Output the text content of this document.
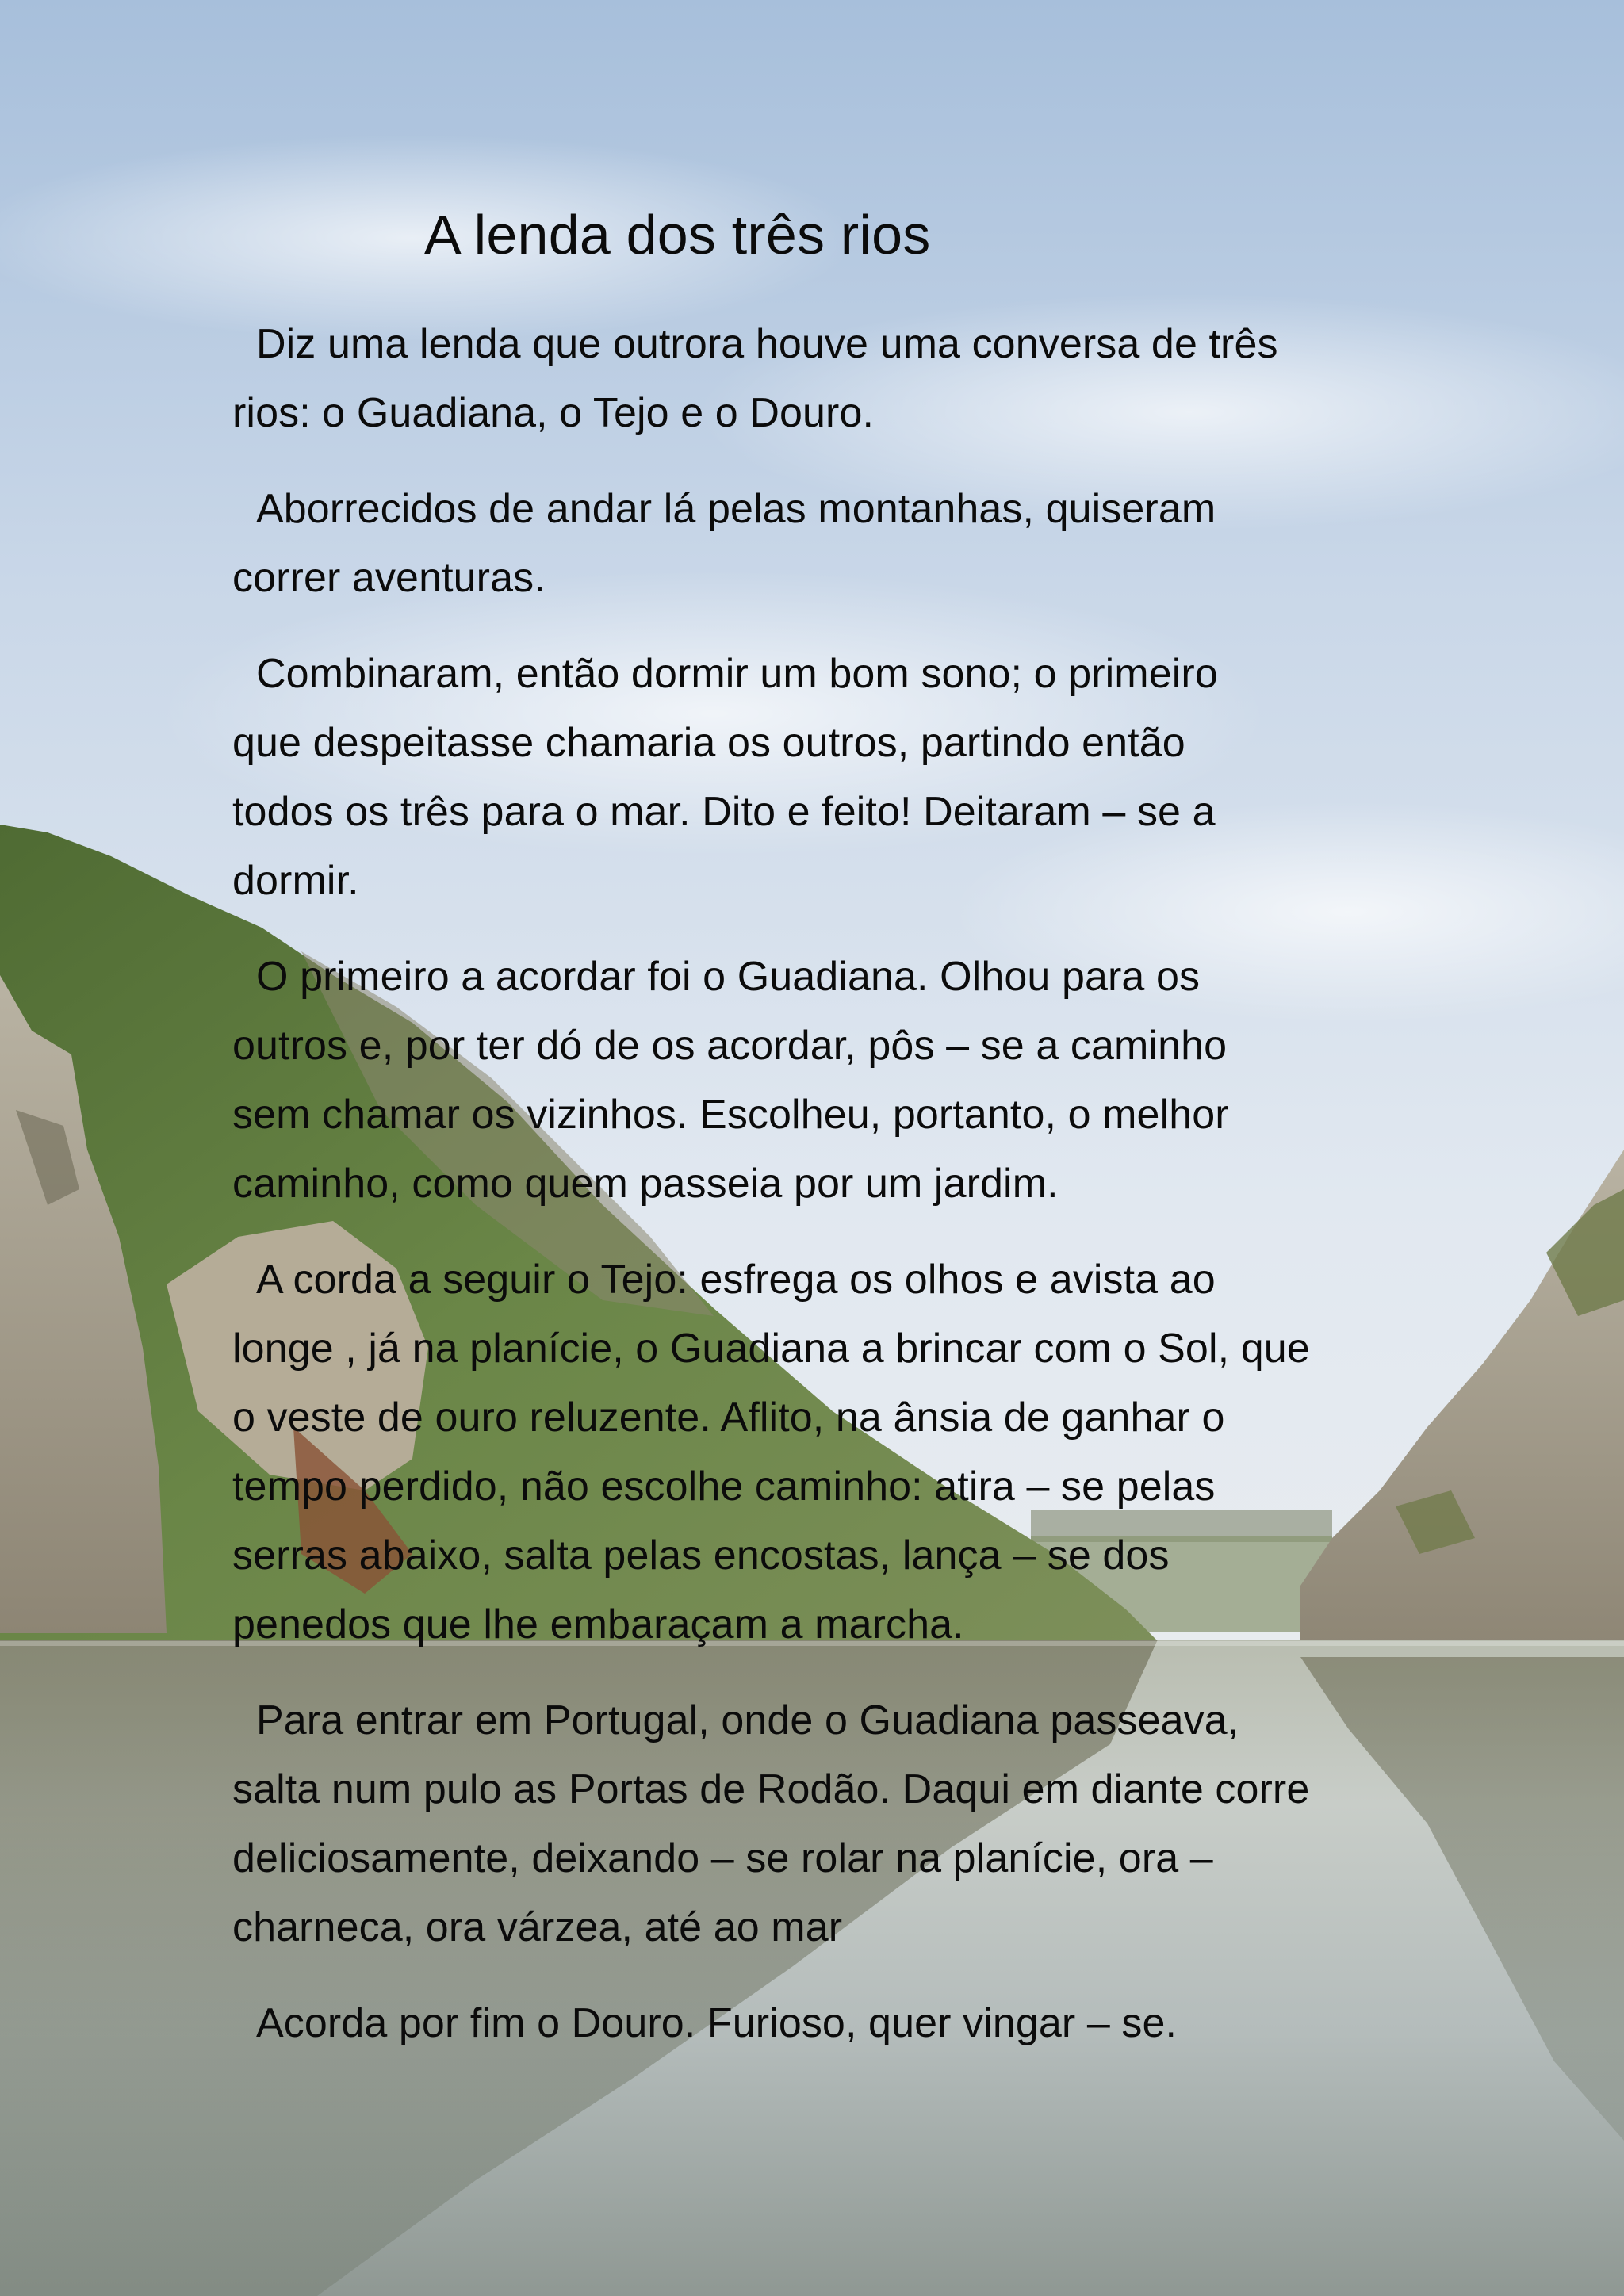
A lenda dos três rios

Diz uma lenda que outrora houve uma conversa de três
rios: o Guadiana, o Tejo e o Douro.

Aborrecidos de andar lá pelas montanhas, quiseram
correr aventuras.

Combinaram, então dormir um bom sono; o primeiro
que despeitasse chamaria os outros, partindo então
todos os três para o mar. Dito e feito! Deitaram – se a
dormir.

O primeiro a acordar foi o Guadiana. Olhou para os
outros e, por ter dó de os acordar, pôs – se a caminho
sem chamar os vizinhos. Escolheu, portanto, o melhor
caminho, como quem passeia por um jardim.

A corda a seguir o Tejo: esfrega os olhos e avista ao
longe , já na planície, o Guadiana a brincar com o Sol, que
o veste de ouro reluzente. Aflito, na ânsia de ganhar o
tempo perdido, não escolhe caminho: atira – se pelas
serras abaixo, salta pelas encostas, lança – se dos
penedos que lhe embaraçam a marcha.

Para entrar em Portugal, onde o Guadiana passeava,
salta num pulo as Portas de Rodão. Daqui em diante corre
deliciosamente, deixando – se rolar na planície, ora –
charneca, ora várzea, até ao mar

Acorda por fim o Douro. Furioso, quer vingar – se.
